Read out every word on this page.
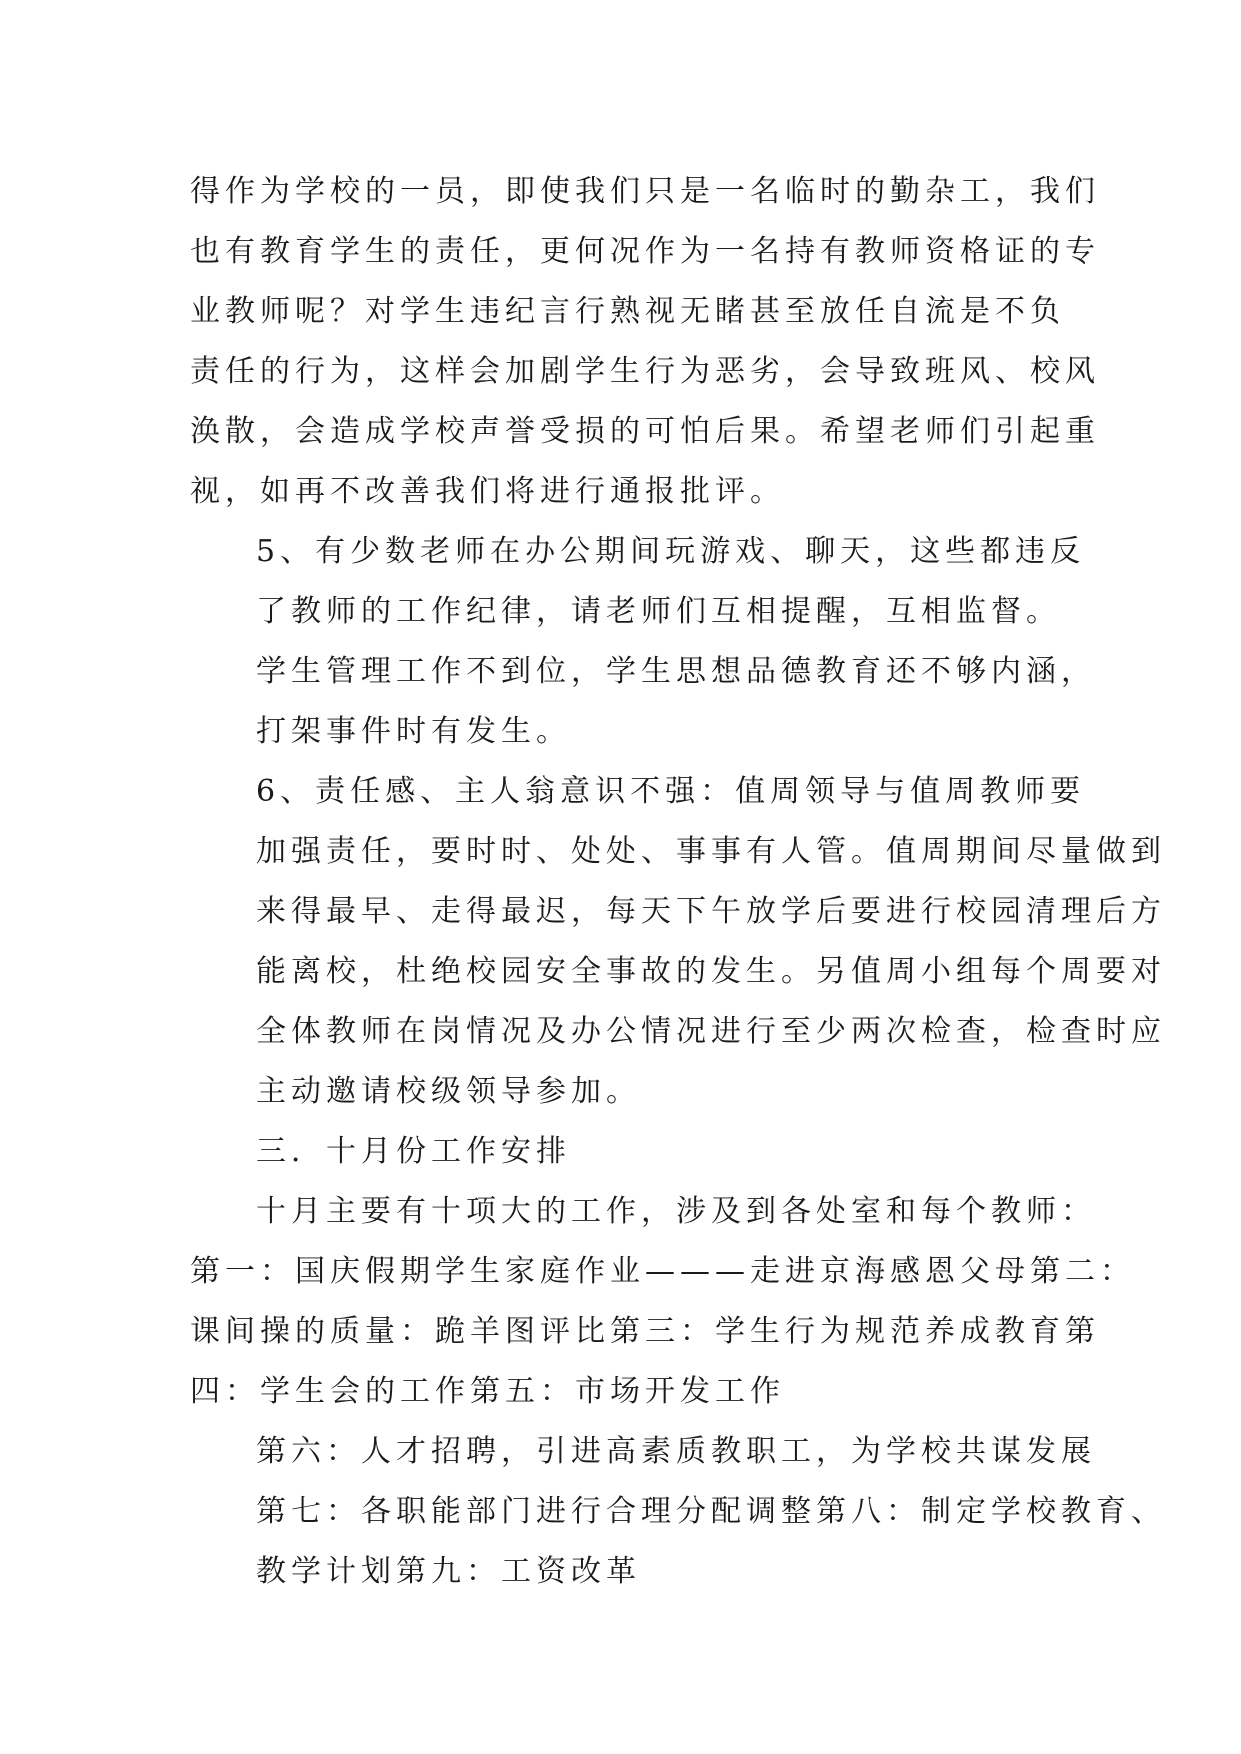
得作为学校的一员，即使我们只是一名临时的勤杂工，我们
也有教育学生的责任，更何况作为一名持有教师资格证的专
业教师呢？对学生违纪言行熟视无睹甚至放任自流是不负
责任的行为，这样会加剧学生行为恶劣，会导致班风、校风
涣散，会造成学校声誉受损的可怕后果。希望老师们引起重
视，如再不改善我们将进行通报批评。
5、有少数老师在办公期间玩游戏、聊天，这些都违反
了教师的工作纪律，请老师们互相提醒，互相监督。
学生管理工作不到位，学生思想品德教育还不够内涵，
打架事件时有发生。
6、责任感、主人翁意识不强：值周领导与值周教师要
加强责任，要时时、处处、事事有人管。值周期间尽量做到
来得最早、走得最迟，每天下午放学后要进行校园清理后方
能离校，杜绝校园安全事故的发生。另值周小组每个周要对
全体教师在岗情况及办公情况进行至少两次检查，检查时应
主动邀请校级领导参加。
三．十月份工作安排
十月主要有十项大的工作，涉及到各处室和每个教师：
第一：国庆假期学生家庭作业———走进京海感恩父母第二：
课间操的质量：跪羊图评比第三：学生行为规范养成教育第
四：学生会的工作第五：市场开发工作
第六：人才招聘，引进高素质教职工，为学校共谋发展
第七：各职能部门进行合理分配调整第八：制定学校教育、
教学计划第九：工资改革
